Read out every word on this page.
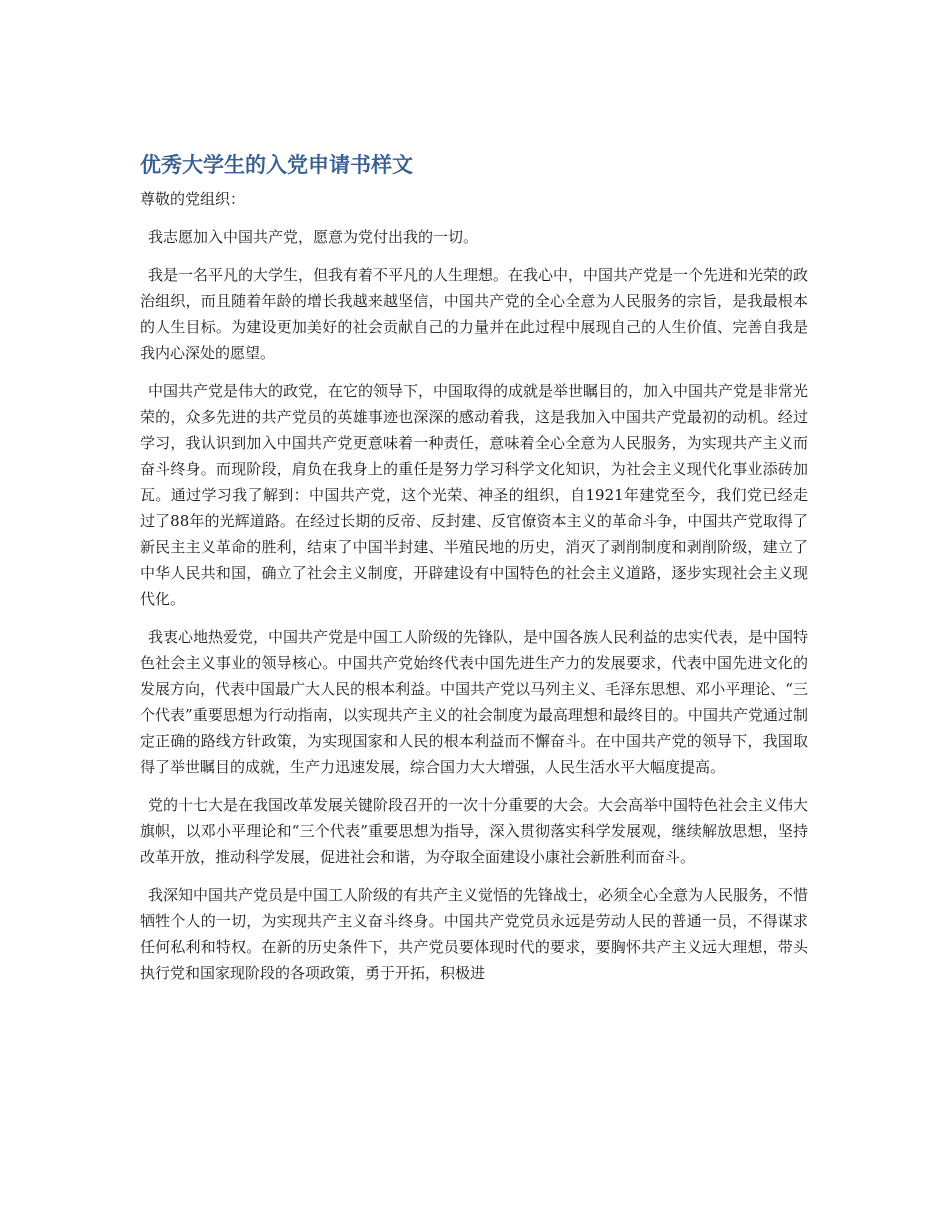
优秀大学生的入党申请书样文

尊敬的党组织：

我志愿加入中国共产党，愿意为党付出我的一切。

我是一名平凡的大学生，但我有着不平凡的人生理想。在我心中，中国共产党是一个先进和光荣的政治组织，而且随着年龄的增长我越来越坚信，中国共产党的全心全意为人民服务的宗旨，是我最根本的人生目标。为建设更加美好的社会贡献自己的力量并在此过程中展现自己的人生价值、完善自我是我内心深处的愿望。

中国共产党是伟大的政党，在它的领导下，中国取得的成就是举世瞩目的，加入中国共产党是非常光荣的，众多先进的共产党员的英雄事迹也深深的感动着我，这是我加入中国共产党最初的动机。经过学习，我认识到加入中国共产党更意味着一种责任，意味着全心全意为人民服务，为实现共产主义而奋斗终身。而现阶段，肩负在我身上的重任是努力学习科学文化知识，为社会主义现代化事业添砖加瓦。通过学习我了解到：中国共产党，这个光荣、神圣的组织，自1921年建党至今，我们党已经走过了88年的光辉道路。在经过长期的反帝、反封建、反官僚资本主义的革命斗争，中国共产党取得了新民主主义革命的胜利，结束了中国半封建、半殖民地的历史，消灭了剥削制度和剥削阶级，建立了中华人民共和国，确立了社会主义制度，开辟建设有中国特色的社会主义道路，逐步实现社会主义现代化。

我衷心地热爱党，中国共产党是中国工人阶级的先锋队，是中国各族人民利益的忠实代表，是中国特色社会主义事业的领导核心。中国共产党始终代表中国先进生产力的发展要求，代表中国先进文化的发展方向，代表中国最广大人民的根本利益。中国共产党以马列主义、毛泽东思想、邓小平理论、“三个代表”重要思想为行动指南，以实现共产主义的社会制度为最高理想和最终目的。中国共产党通过制定正确的路线方针政策，为实现国家和人民的根本利益而不懈奋斗。在中国共产党的领导下，我国取得了举世瞩目的成就，生产力迅速发展，综合国力大大增强，人民生活水平大幅度提高。

党的十七大是在我国改革发展关键阶段召开的一次十分重要的大会。大会高举中国特色社会主义伟大旗帜，以邓小平理论和“三个代表”重要思想为指导，深入贯彻落实科学发展观，继续解放思想，坚持改革开放，推动科学发展，促进社会和谐，为夺取全面建设小康社会新胜利而奋斗。

我深知中国共产党员是中国工人阶级的有共产主义觉悟的先锋战士，必须全心全意为人民服务，不惜牺牲个人的一切，为实现共产主义奋斗终身。中国共产党党员永远是劳动人民的普通一员，不得谋求任何私利和特权。在新的历史条件下，共产党员要体现时代的要求，要胸怀共产主义远大理想，带头执行党和国家现阶段的各项政策，勇于开拓，积极进
